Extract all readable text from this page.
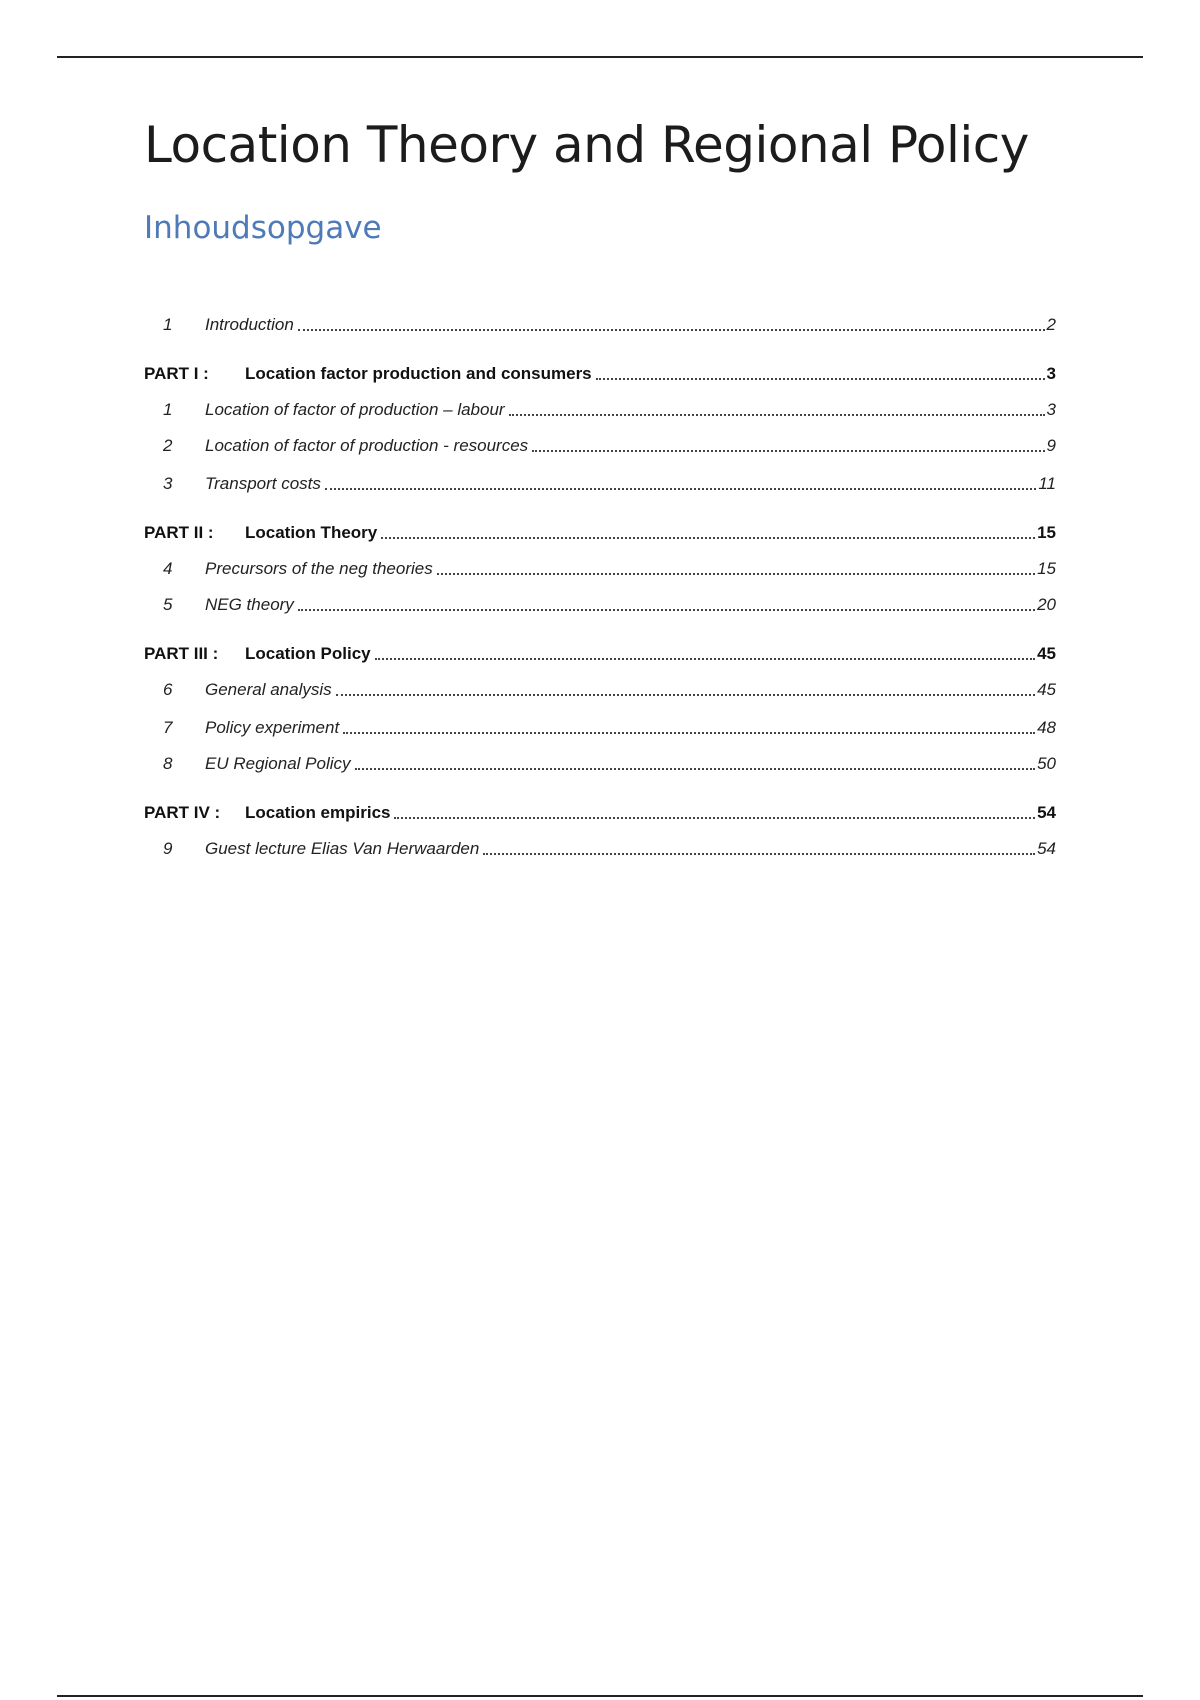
Location Theory and Regional Policy
Inhoudsopgave
1	Introduction	2
PART I :	Location factor production and consumers	3
1	Location of factor of production – labour	3
2	Location of factor of production - resources	9
3	Transport costs	11
PART II :	Location Theory	15
4	Precursors of the neg theories	15
5	NEG theory	20
PART III :	Location Policy	45
6	General analysis	45
7	Policy experiment	48
8	EU Regional Policy	50
PART IV :	Location empirics	54
9	Guest lecture Elias Van Herwaarden	54
